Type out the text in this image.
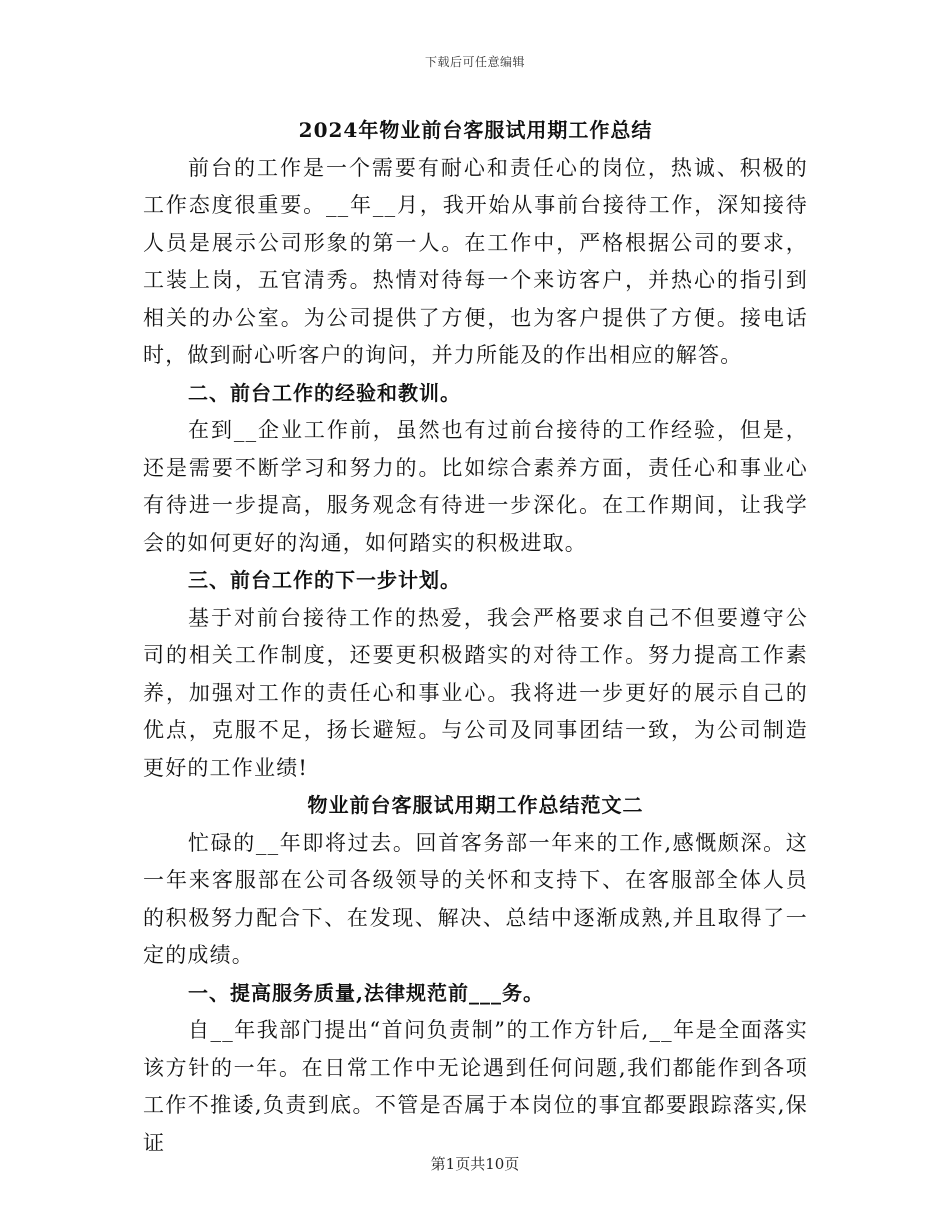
下载后可任意编辑
2024年物业前台客服试用期工作总结

前台的工作是一个需要有耐心和责任心的岗位，热诚、积极的工作态度很重要。__年__月，我开始从事前台接待工作，深知接待人员是展示公司形象的第一人。在工作中，严格根据公司的要求，工装上岗，五官清秀。热情对待每一个来访客户，并热心的指引到相关的办公室。为公司提供了方便，也为客户提供了方便。接电话时，做到耐心听客户的询问，并力所能及的作出相应的解答。

二、前台工作的经验和教训。

在到__企业工作前，虽然也有过前台接待的工作经验，但是，还是需要不断学习和努力的。比如综合素养方面，责任心和事业心有待进一步提高，服务观念有待进一步深化。在工作期间，让我学会的如何更好的沟通，如何踏实的积极进取。

三、前台工作的下一步计划。

基于对前台接待工作的热爱，我会严格要求自己不但要遵守公司的相关工作制度，还要更积极踏实的对待工作。努力提高工作素养，加强对工作的责任心和事业心。我将进一步更好的展示自己的优点，克服不足，扬长避短。与公司及同事团结一致，为公司制造更好的工作业绩!

物业前台客服试用期工作总结范文二

忙碌的__年即将过去。回首客务部一年来的工作,感慨颇深。这一年来客服部在公司各级领导的关怀和支持下、在客服部全体人员的积极努力配合下、在发现、解决、总结中逐渐成熟,并且取得了一定的成绩。

一、提高服务质量,法律规范前___务。

自__年我部门提出“首问负责制”的工作方针后,__年是全面落实该方针的一年。在日常工作中无论遇到任何问题,我们都能作到各项工作不推诿,负责到底。不管是否属于本岗位的事宜都要跟踪落实,保证

第1页共10页
